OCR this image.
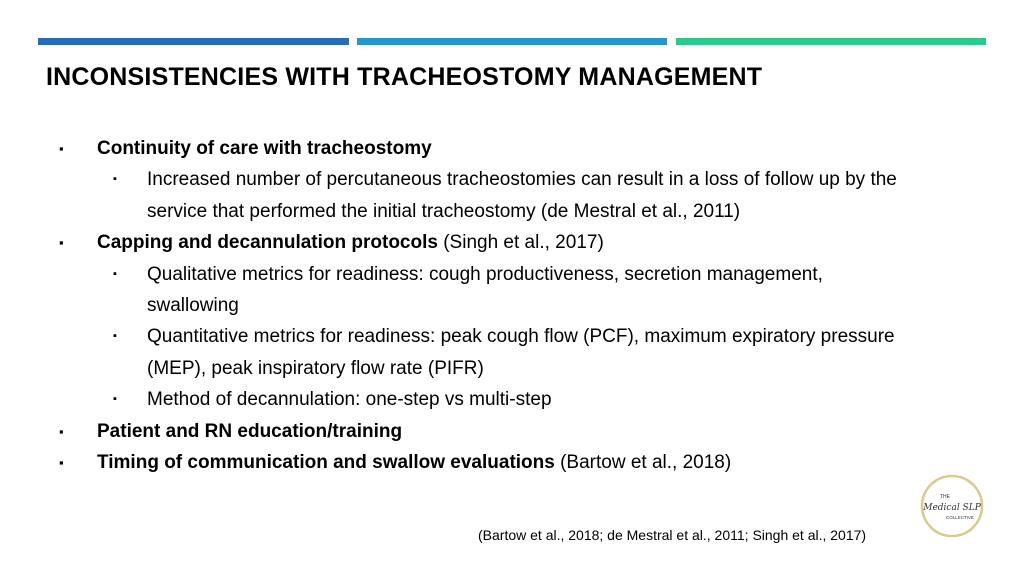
INCONSISTENCIES WITH TRACHEOSTOMY MANAGEMENT
▪ Continuity of care with tracheostomy
▪ Increased number of percutaneous tracheostomies can result in a loss of follow up by the
service that performed the initial tracheostomy (de Mestral et al., 2011)
▪ Capping and decannulation protocols (Singh et al., 2017)
▪ Qualitative metrics for readiness: cough productiveness, secretion management,
swallowing
▪ Quantitative metrics for readiness: peak cough flow (PCF), maximum expiratory pressure
(MEP), peak inspiratory flow rate (PIFR)
▪ Method of decannulation: one-step vs multi-step
▪ Patient and RN education/training
▪ Timing of communication and swallow evaluations (Bartow et al., 2018)
(Bartow et al., 2018; de Mestral et al., 2011; Singh et al., 2017)
THE
Medical SLP
COLLECTIVE
